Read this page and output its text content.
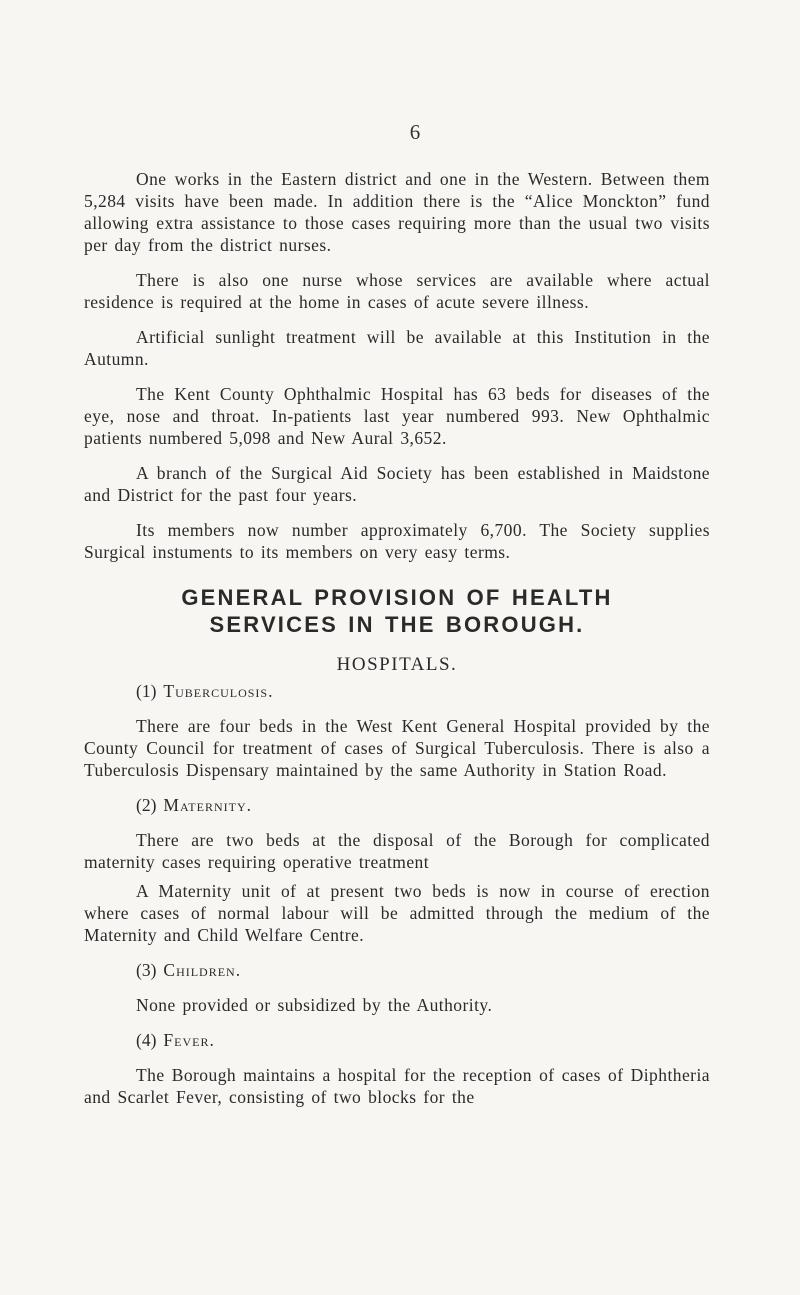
6

One works in the Eastern district and one in the Western. Between them 5,284 visits have been made. In addition there is the “Alice Monckton” fund allowing extra assistance to those cases requiring more than the usual two visits per day from the district nurses.

There is also one nurse whose services are available where actual residence is required at the home in cases of acute severe illness.

Artificial sunlight treatment will be available at this Institution in the Autumn.

The Kent County Ophthalmic Hospital has 63 beds for diseases of the eye, nose and throat. In-patients last year numbered 993. New Ophthalmic patients numbered 5,098 and New Aural 3,652.

A branch of the Surgical Aid Society has been established in Maidstone and District for the past four years.

Its members now number approximately 6,700. The Society supplies Surgical instuments to its members on very easy terms.

GENERAL PROVISION OF HEALTH
SERVICES IN THE BOROUGH.
HOSPITALS.

(1) Tuberculosis.

There are four beds in the West Kent General Hospital provided by the County Council for treatment of cases of Surgical Tuberculosis. There is also a Tuberculosis Dispensary maintained by the same Authority in Station Road.

(2) Maternity.

There are two beds at the disposal of the Borough for complicated maternity cases requiring operative treatment

A Maternity unit of at present two beds is now in course of erection where cases of normal labour will be admitted through the medium of the Maternity and Child Welfare Centre.

(3) Children.

None provided or subsidized by the Authority.

(4) Fever.

The Borough maintains a hospital for the reception of cases of Diphtheria and Scarlet Fever, consisting of two blocks for the
